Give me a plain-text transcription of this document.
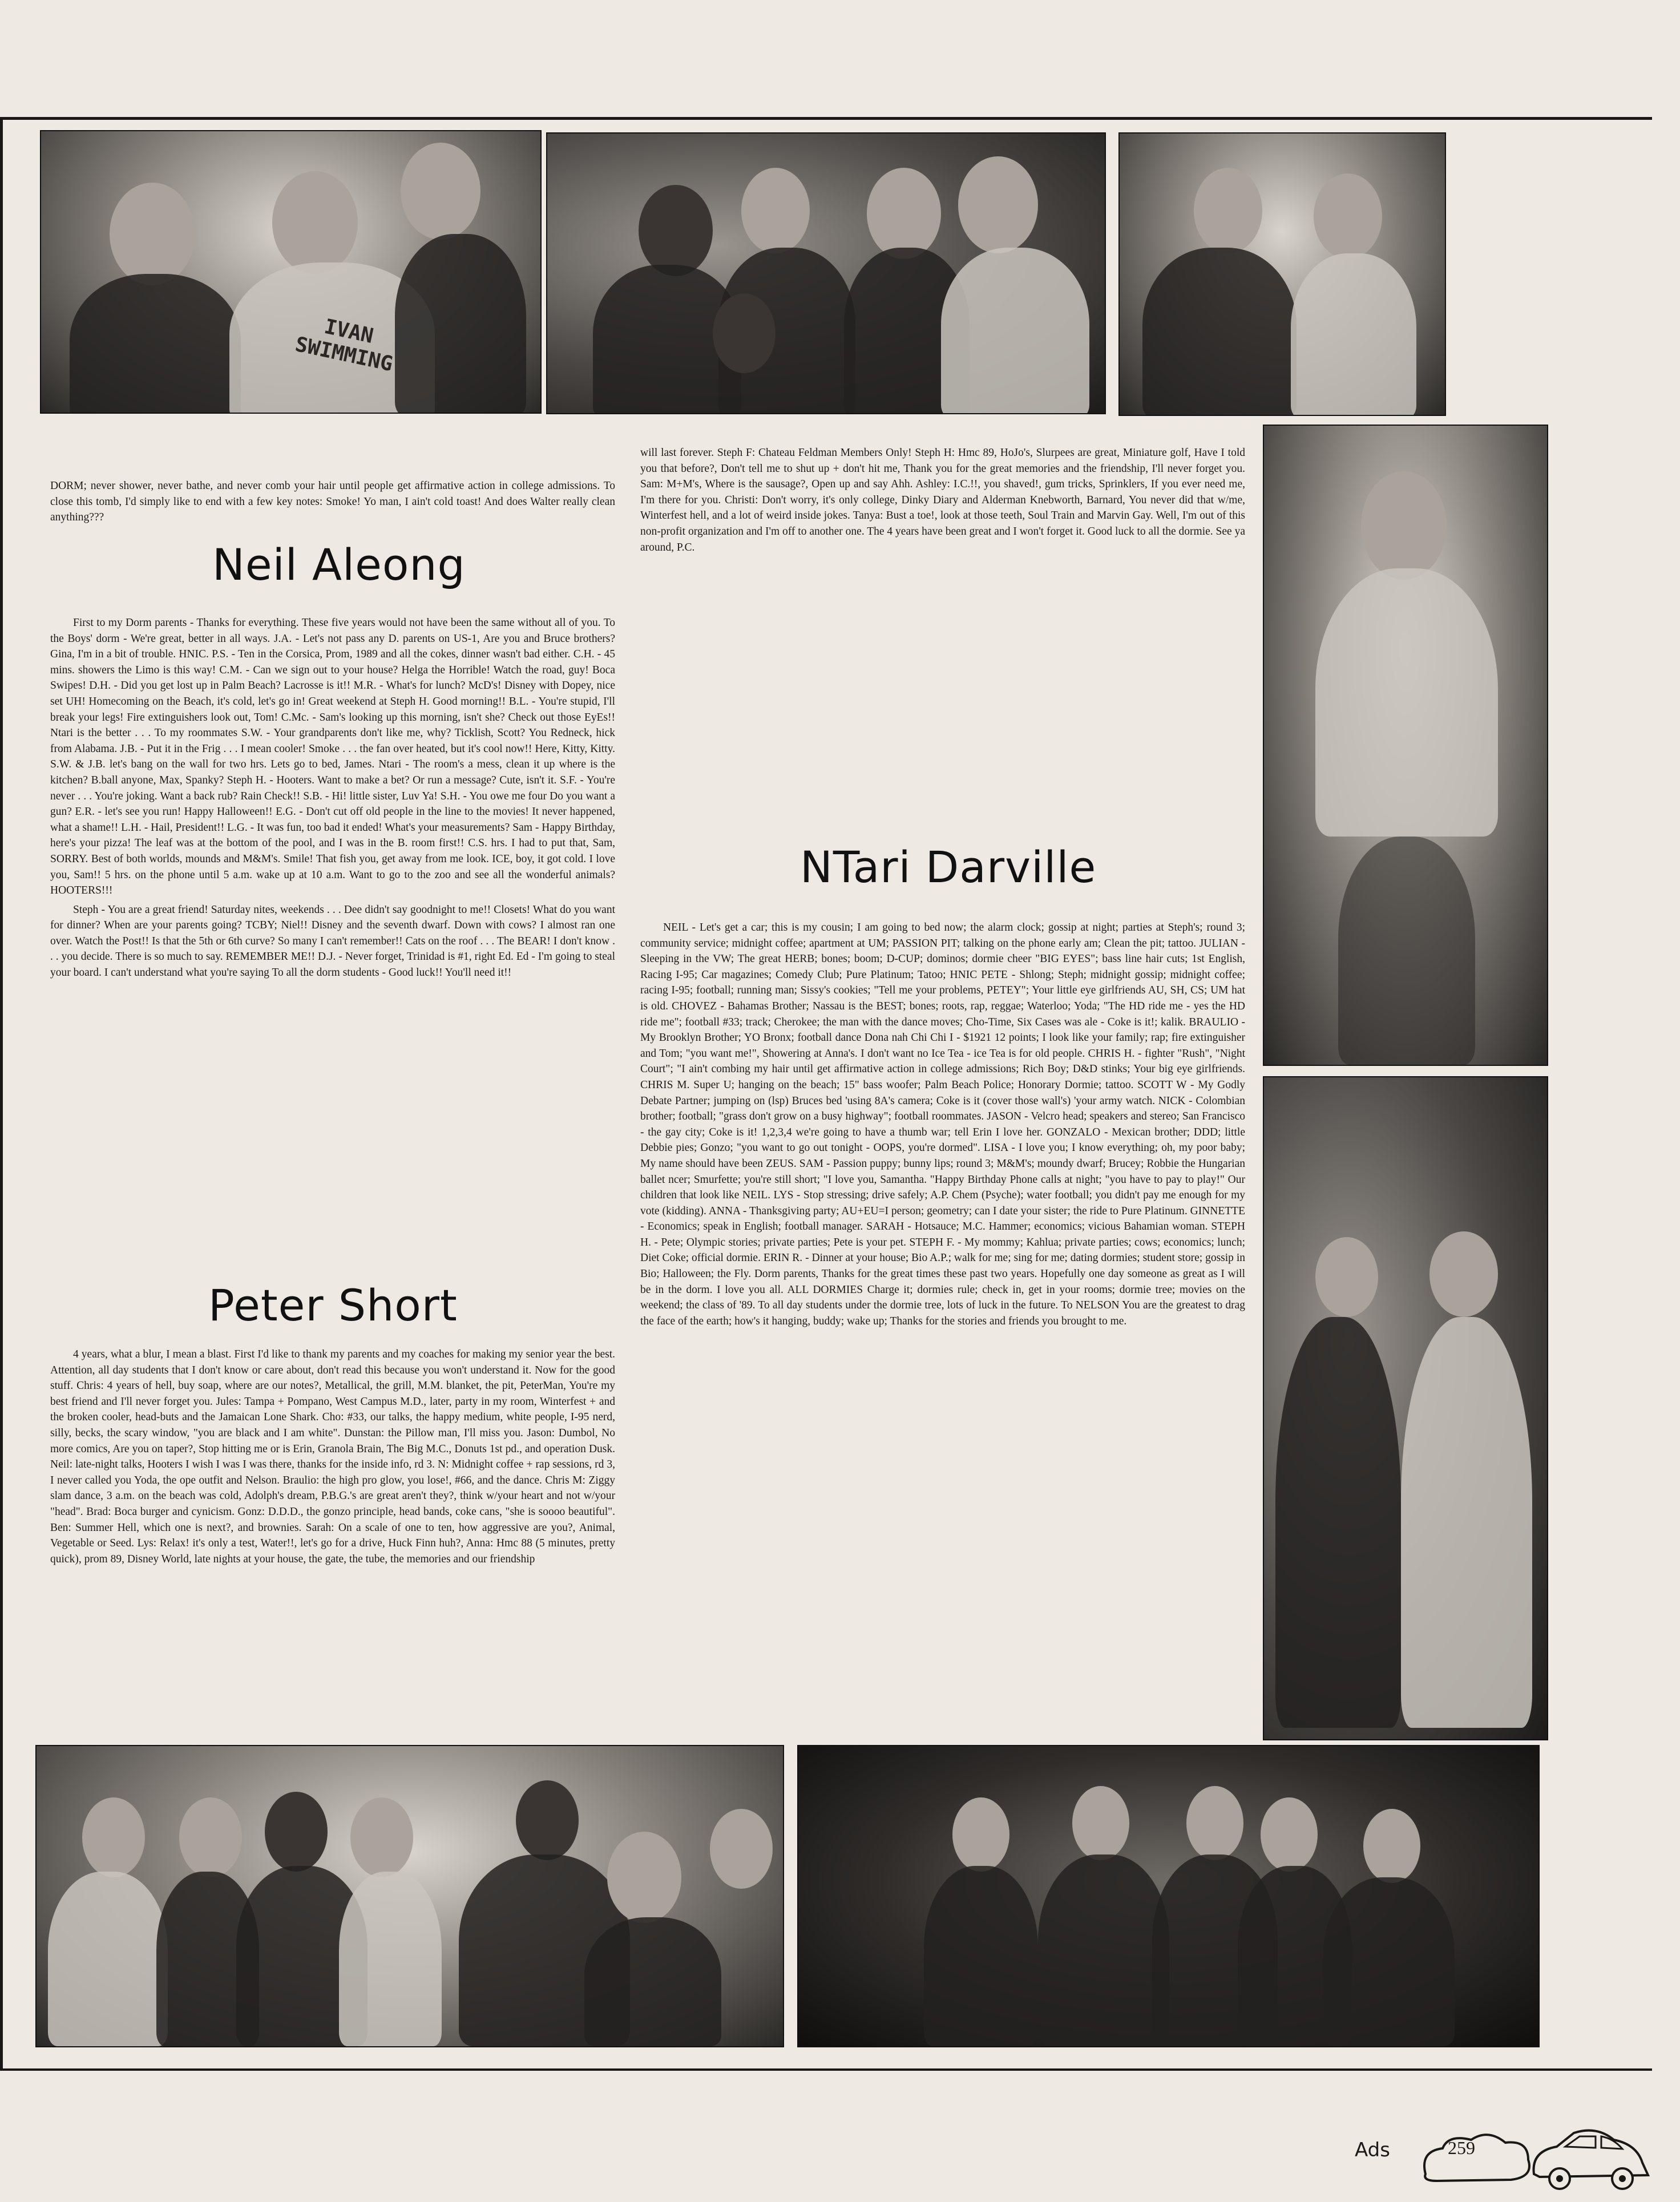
IVAN SWIMMING

DORM; never shower, never bathe, and never comb your hair until people get affirmative action in college admissions. To close this tomb, I'd simply like to end with a few key notes: Smoke! Yo man, I ain't cold toast! And does Walter really clean anything???

Neil Aleong

First to my Dorm parents - Thanks for everything. These five years would not have been the same without all of you. To the Boys' dorm - We're great, better in all ways. J.A. - Let's not pass any D. parents on US-1, Are you and Bruce brothers? Gina, I'm in a bit of trouble. HNIC. P.S. - Ten in the Corsica, Prom, 1989 and all the cokes, dinner wasn't bad either. C.H. - 45 mins. showers the Limo is this way! C.M. - Can we sign out to your house? Helga the Horrible! Watch the road, guy! Boca Swipes! D.H. - Did you get lost up in Palm Beach? Lacrosse is it!! M.R. - What's for lunch? McD's! Disney with Dopey, nice set UH! Homecoming on the Beach, it's cold, let's go in! Great weekend at Steph H. Good morning!! B.L. - You're stupid, I'll break your legs! Fire extinguishers look out, Tom! C.Mc. - Sam's looking up this morning, isn't she? Check out those EyEs!! Ntari is the better . . . To my roommates S.W. - Your grandparents don't like me, why? Ticklish, Scott? You Redneck, hick from Alabama. J.B. - Put it in the Frig . . . I mean cooler! Smoke . . . the fan over heated, but it's cool now!! Here, Kitty, Kitty. S.W. & J.B. let's bang on the wall for two hrs. Lets go to bed, James. Ntari - The room's a mess, clean it up where is the kitchen? B.ball anyone, Max, Spanky? Steph H. - Hooters. Want to make a bet? Or run a message? Cute, isn't it. S.F. - You're never . . . You're joking. Want a back rub? Rain Check!! S.B. - Hi! little sister, Luv Ya! S.H. - You owe me four Do you want a gun? E.R. - let's see you run! Happy Halloween!! E.G. - Don't cut off old people in the line to the movies! It never happened, what a shame!! L.H. - Hail, President!! L.G. - It was fun, too bad it ended! What's your measurements? Sam - Happy Birthday, here's your pizza! The leaf was at the bottom of the pool, and I was in the B. room first!! C.S. hrs. I had to put that, Sam, SORRY. Best of both worlds, mounds and M&M's. Smile! That fish you, get away from me look. ICE, boy, it got cold. I love you, Sam!! 5 hrs. on the phone until 5 a.m. wake up at 10 a.m. Want to go to the zoo and see all the wonderful animals? HOOTERS!!!

Steph - You are a great friend! Saturday nites, weekends . . . Dee didn't say goodnight to me!! Closets! What do you want for dinner? When are your parents going? TCBY; Niel!! Disney and the seventh dwarf. Down with cows? I almost ran one over. Watch the Post!! Is that the 5th or 6th curve? So many I can't remember!! Cats on the roof . . . The BEAR! I don't know . . . you decide. There is so much to say. REMEMBER ME!! D.J. - Never forget, Trinidad is #1, right Ed. Ed - I'm going to steal your board. I can't understand what you're saying To all the dorm students - Good luck!! You'll need it!!

Peter Short

4 years, what a blur, I mean a blast. First I'd like to thank my parents and my coaches for making my senior year the best. Attention, all day students that I don't know or care about, don't read this because you won't understand it. Now for the good stuff. Chris: 4 years of hell, buy soap, where are our notes?, Metallical, the grill, M.M. blanket, the pit, PeterMan, You're my best friend and I'll never forget you. Jules: Tampa + Pompano, West Campus M.D., later, party in my room, Winterfest + and the broken cooler, head-buts and the Jamaican Lone Shark. Cho: #33, our talks, the happy medium, white people, I-95 nerd, silly, becks, the scary window, "you are black and I am white". Dunstan: the Pillow man, I'll miss you. Jason: Dumbol, No more comics, Are you on taper?, Stop hitting me or is Erin, Granola Brain, The Big M.C., Donuts 1st pd., and operation Dusk. Neil: late-night talks, Hooters I wish I was I was there, thanks for the inside info, rd 3. N: Midnight coffee + rap sessions, rd 3, I never called you Yoda, the ope outfit and Nelson. Braulio: the high pro glow, you lose!, #66, and the dance. Chris M: Ziggy slam dance, 3 a.m. on the beach was cold, Adolph's dream, P.B.G.'s are great aren't they?, think w/your heart and not w/your "head". Brad: Boca burger and cynicism. Gonz: D.D.D., the gonzo principle, head bands, coke cans, "she is soooo beautiful". Ben: Summer Hell, which one is next?, and brownies. Sarah: On a scale of one to ten, how aggressive are you?, Animal, Vegetable or Seed. Lys: Relax! it's only a test, Water!!, let's go for a drive, Huck Finn huh?, Anna: Hmc 88 (5 minutes, pretty quick), prom 89, Disney World, late nights at your house, the gate, the tube, the memories and our friendship

will last forever. Steph F: Chateau Feldman Members Only! Steph H: Hmc 89, HoJo's, Slurpees are great, Miniature golf, Have I told you that before?, Don't tell me to shut up + don't hit me, Thank you for the great memories and the friendship, I'll never forget you. Sam: M+M's, Where is the sausage?, Open up and say Ahh. Ashley: I.C.!!, you shaved!, gum tricks, Sprinklers, If you ever need me, I'm there for you. Christi: Don't worry, it's only college, Dinky Diary and Alderman Knebworth, Barnard, You never did that w/me, Winterfest hell, and a lot of weird inside jokes. Tanya: Bust a toe!, look at those teeth, Soul Train and Marvin Gay. Well, I'm out of this non-profit organization and I'm off to another one. The 4 years have been great and I won't forget it. Good luck to all the dormie. See ya around, P.C.

NTari Darville

NEIL - Let's get a car; this is my cousin; I am going to bed now; the alarm clock; gossip at night; parties at Steph's; round 3; community service; midnight coffee; apartment at UM; PASSION PIT; talking on the phone early am; Clean the pit; tattoo. JULIAN - Sleeping in the VW; The great HERB; bones; boom; D-CUP; dominos; dormie cheer "BIG EYES"; bass line hair cuts; 1st English, Racing I-95; Car magazines; Comedy Club; Pure Platinum; Tatoo; HNIC PETE - Shlong; Steph; midnight gossip; midnight coffee; racing I-95; football; running man; Sissy's cookies; "Tell me your problems, PETEY"; Your little eye girlfriends AU, SH, CS; UM hat is old. CHOVEZ - Bahamas Brother; Nassau is the BEST; bones; roots, rap, reggae; Waterloo; Yoda; "The HD ride me - yes the HD ride me"; football #33; track; Cherokee; the man with the dance moves; Cho-Time, Six Cases was ale - Coke is it!; kalik. BRAULIO - My Brooklyn Brother; YO Bronx; football dance Dona nah Chi Chi I - $1921 12 points; I look like your family; rap; fire extinguisher and Tom; "you want me!", Showering at Anna's. I don't want no Ice Tea - ice Tea is for old people. CHRIS H. - fighter "Rush", "Night Court"; "I ain't combing my hair until get affirmative action in college admissions; Rich Boy; D&D stinks; Your big eye girlfriends. CHRIS M. Super U; hanging on the beach; 15" bass woofer; Palm Beach Police; Honorary Dormie; tattoo. SCOTT W - My Godly Debate Partner; jumping on (lsp) Bruces bed 'using 8A's camera; Coke is it (cover those wall's) 'your army watch. NICK - Colombian brother; football; "grass don't grow on a busy highway"; football roommates. JASON - Velcro head; speakers and stereo; San Francisco - the gay city; Coke is it! 1,2,3,4 we're going to have a thumb war; tell Erin I love her. GONZALO - Mexican brother; DDD; little Debbie pies; Gonzo; "you want to go out tonight - OOPS, you're dormed". LISA - I love you; I know everything; oh, my poor baby; My name should have been ZEUS. SAM - Passion puppy; bunny lips; round 3; M&M's; moundy dwarf; Brucey; Robbie the Hungarian ballet ncer; Smurfette; you're still short; "I love you, Samantha. "Happy Birthday Phone calls at night; "you have to pay to play!" Our children that look like NEIL. LYS - Stop stressing; drive safely; A.P. Chem (Psyche); water football; you didn't pay me enough for my vote (kidding). ANNA - Thanksgiving party; AU+EU=I person; geometry; can I date your sister; the ride to Pure Platinum. GINNETTE - Economics; speak in English; football manager. SARAH - Hotsauce; M.C. Hammer; economics; vicious Bahamian woman. STEPH H. - Pete; Olympic stories; private parties; Pete is your pet. STEPH F. - My mommy; Kahlua; private parties; cows; economics; lunch; Diet Coke; official dormie. ERIN R. - Dinner at your house; Bio A.P.; walk for me; sing for me; dating dormies; student store; gossip in Bio; Halloween; the Fly. Dorm parents, Thanks for the great times these past two years. Hopefully one day someone as great as I will be in the dorm. I love you all. ALL DORMIES Charge it; dormies rule; check in, get in your rooms; dormie tree; movies on the weekend; the class of '89. To all day students under the dormie tree, lots of luck in the future. To NELSON You are the greatest to drag the face of the earth; how's it hanging, buddy; wake up; Thanks for the stories and friends you brought to me.

Ads	259
